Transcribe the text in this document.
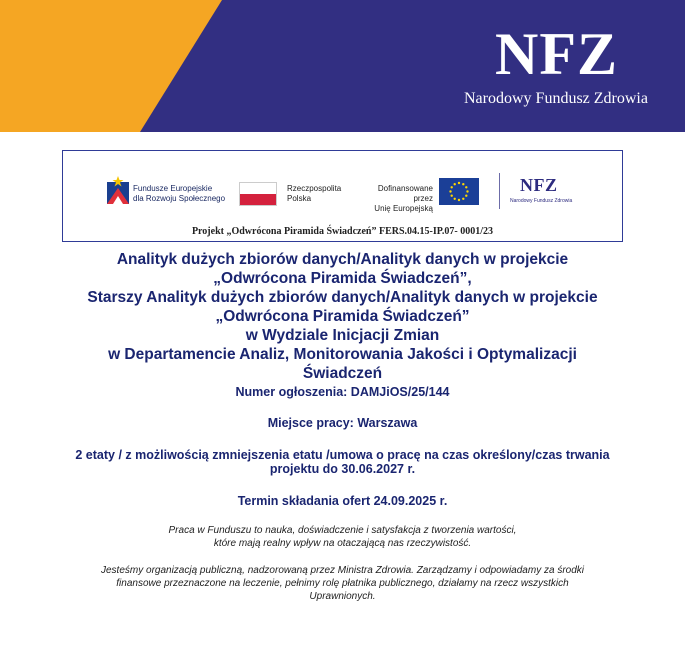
NFZ
Narodowy Fundusz Zdrowia
Fundusze Europejskie
dla Rozwoju Społecznego
Rzeczpospolita
Polska
Dofinansowane przez
Unię Europejską
NFZ
Narodowy Fundusz Zdrowia
Projekt „Odwrócona Piramida Świadczeń” FERS.04.15-IP.07- 0001/23
Analityk dużych zbiorów danych/Analityk danych w projekcie
„Odwrócona Piramida Świadczeń”,
Starszy Analityk dużych zbiorów danych/Analityk danych w projekcie
„Odwrócona Piramida Świadczeń”
w Wydziale Inicjacji Zmian
w Departamencie Analiz, Monitorowania Jakości i Optymalizacji
Świadczeń
Numer ogłoszenia: DAMJiOS/25/144
Miejsce pracy: Warszawa
2 etaty / z możliwością zmniejszenia etatu /umowa o pracę na czas określony/czas trwania
projektu do 30.06.2027 r.
Termin składania ofert 24.09.2025 r.
Praca w Funduszu to nauka, doświadczenie i satysfakcja z tworzenia wartości,
które mają realny wpływ na otaczającą nas rzeczywistość.
Jesteśmy organizacją publiczną, nadzorowaną przez Ministra Zdrowia. Zarządzamy i odpowiadamy za środki
finansowe przeznaczone na leczenie, pełnimy rolę płatnika publicznego, działamy na rzecz wszystkich
Uprawnionych.
